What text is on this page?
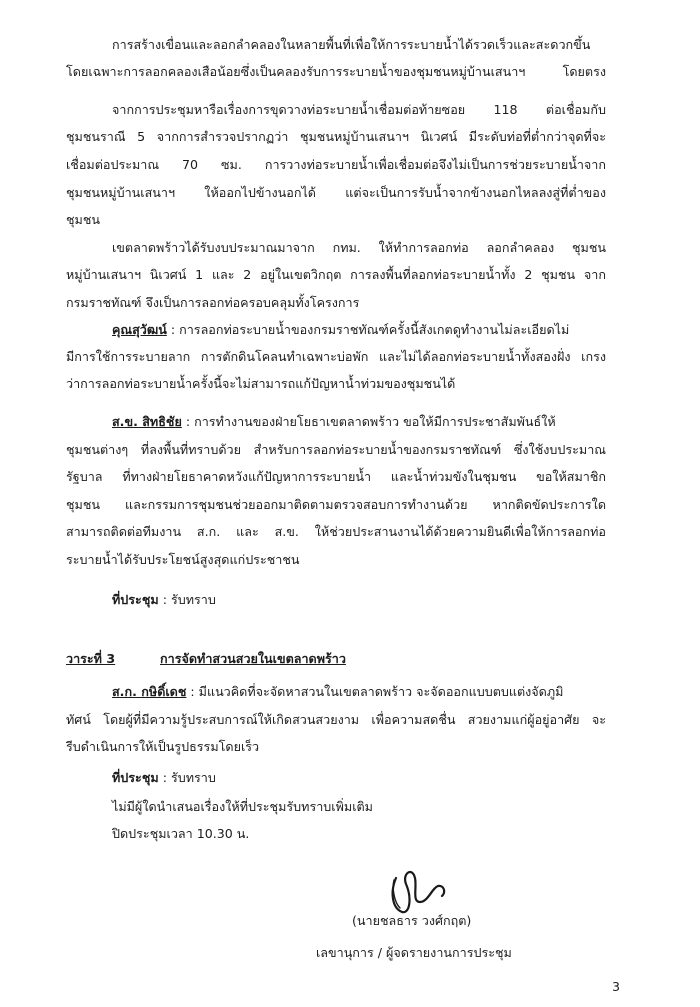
การสร้างเขื่อนและลอกลำคลองในหลายพื้นที่เพื่อให้การระบายน้ำได้รวดเร็วและสะดวกขึ้น
โดยเฉพาะการลอกคลองเสือน้อยซึ่งเป็นคลองรับการระบายน้ำของชุมชนหมู่บ้านเสนาฯ โดยตรง
จากการประชุมหารือเรื่องการขุดวางท่อระบายน้ำเชื่อมต่อท้ายซอย 118 ต่อเชื่อมกับ
ชุมชนราณี 5 จากการสำรวจปรากฏว่า ชุมชนหมู่บ้านเสนาฯ นิเวศน์ มีระดับท่อที่ต่ำกว่าจุดที่จะ
เชื่อมต่อประมาณ 70 ซม. การวางท่อระบายน้ำเพื่อเชื่อมต่อจึงไม่เป็นการช่วยระบายน้ำจาก
ชุมชนหมู่บ้านเสนาฯ ให้ออกไปข้างนอกได้ แต่จะเป็นการรับน้ำจากข้างนอกไหลลงสู่ที่ต่ำของ
ชุมชน
เขตลาดพร้าวได้รับงบประมาณมาจาก กทม. ให้ทำการลอกท่อ ลอกลำคลอง ชุมชน
หมู่บ้านเสนาฯ นิเวศน์ 1 และ 2 อยู่ในเขตวิกฤต การลงพื้นที่ลอกท่อระบายน้ำทั้ง 2 ชุมชน จาก
กรมราชทัณฑ์ จึงเป็นการลอกท่อครอบคลุมทั้งโครงการ
คุณสุวัฒน์ : การลอกท่อระบายน้ำของกรมราชทัณฑ์ครั้งนี้สังเกตดูทำงานไม่ละเอียดไม่
มีการใช้การระบายลาก การตักดินโคลนทำเฉพาะบ่อพัก และไม่ได้ลอกท่อระบายน้ำทั้งสองฝั่ง เกรง
ว่าการลอกท่อระบายน้ำครั้งนี้จะไม่สามารถแก้ปัญหาน้ำท่วมของชุมชนได้
ส.ข. สิทธิชัย : การทำงานของฝ่ายโยธาเขตลาดพร้าว ขอให้มีการประชาสัมพันธ์ให้
ชุมชนต่างๆ ที่ลงพื้นที่ทราบด้วย สำหรับการลอกท่อระบายน้ำของกรมราชทัณฑ์ ซึ่งใช้งบประมาณ
รัฐบาล ที่ทางฝ่ายโยธาคาดหวังแก้ปัญหาการระบายน้ำ และน้ำท่วมขังในชุมชน ขอให้สมาชิก
ชุมชน และกรรมการชุมชนช่วยออกมาติดตามตรวจสอบการทำงานด้วย หากติดขัดประการใด
สามารถติดต่อทีมงาน ส.ก. และ ส.ข. ให้ช่วยประสานงานได้ด้วยความยินดีเพื่อให้การลอกท่อ
ระบายน้ำได้รับประโยชน์สูงสุดแก่ประชาชน
ที่ประชุม : รับทราบ
วาระที่ 3	การจัดทำสวนสวยในเขตลาดพร้าว
ส.ก. กษิดิ์เดช : มีแนวคิดที่จะจัดหาสวนในเขตลาดพร้าว จะจัดออกแบบตบแต่งจัดภูมิ
ทัศน์ โดยผู้ที่มีความรู้ประสบการณ์ให้เกิดสวนสวยงาม เพื่อความสดชื่น สวยงามแก่ผู้อยู่อาศัย จะ
รีบดำเนินการให้เป็นรูปธรรมโดยเร็ว
ที่ประชุม : รับทราบ
ไม่มีผู้ใดนำเสนอเรื่องให้ที่ประชุมรับทราบเพิ่มเติม
ปิดประชุมเวลา 10.30 น.
(นายชลธาร วงศ์กฤต)
เลขานุการ / ผู้จดรายงานการประชุม
3
